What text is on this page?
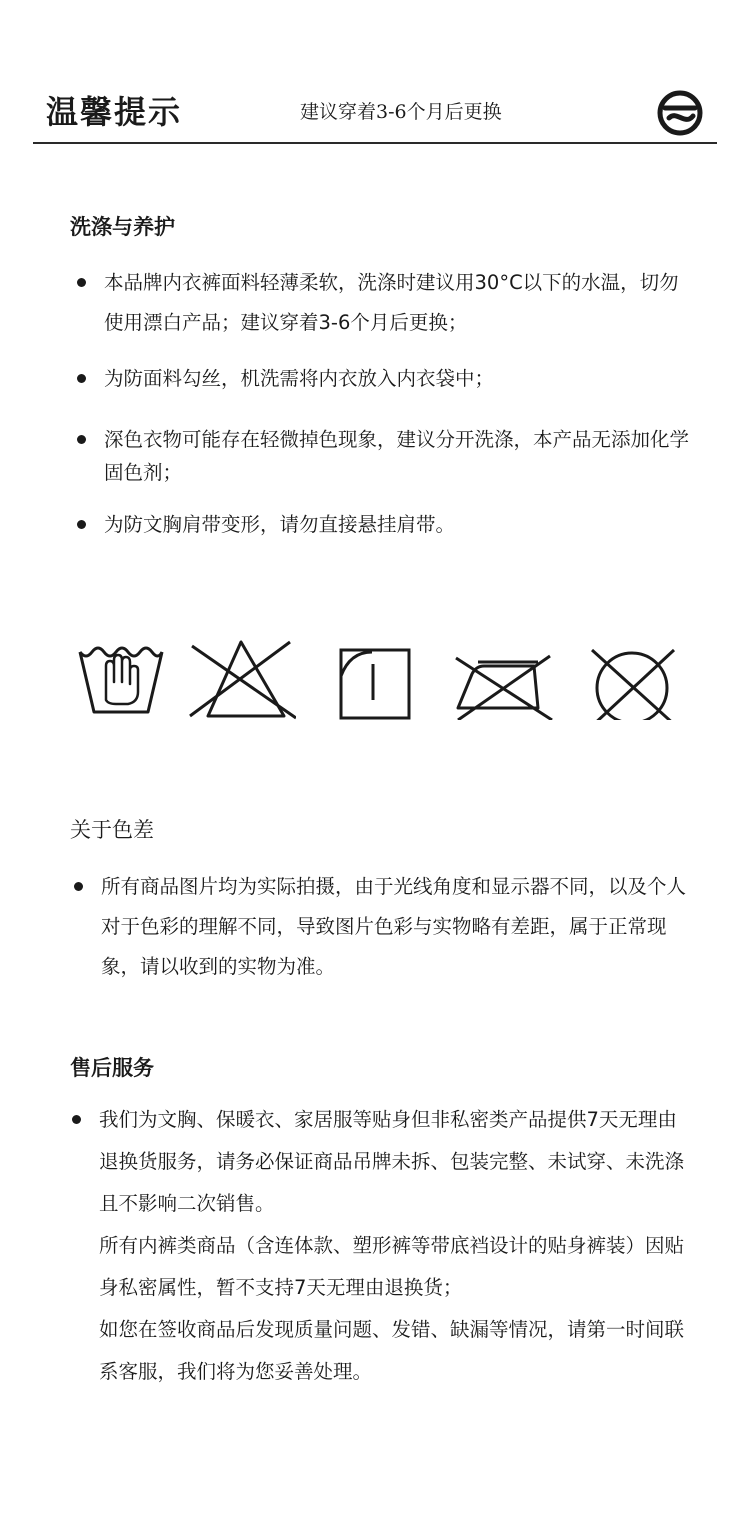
温馨提示	建议穿着3-6个月后更换
洗涤与养护
本品牌内衣裤面料轻薄柔软，洗涤时建议用30°C以下的水温，切勿使用漂白产品；建议穿着3-6个月后更换；
为防面料勾丝，机洗需将内衣放入内衣袋中；
深色衣物可能存在轻微掉色现象，建议分开洗涤，本产品无添加化学固色剂；
为防文胸肩带变形，请勿直接悬挂肩带。
关于色差
所有商品图片均为实际拍摄，由于光线角度和显示器不同，以及个人对于色彩的理解不同，导致图片色彩与实物略有差距，属于正常现象，请以收到的实物为准。
售后服务
我们为文胸、保暖衣、家居服等贴身但非私密类产品提供7天无理由退换货服务，请务必保证商品吊牌未拆、包装完整、未试穿、未洗涤且不影响二次销售。
所有内裤类商品（含连体款、塑形裤等带底裆设计的贴身裤装）因贴身私密属性，暂不支持7天无理由退换货；
如您在签收商品后发现质量问题、发错、缺漏等情况，请第一时间联系客服，我们将为您妥善处理。
